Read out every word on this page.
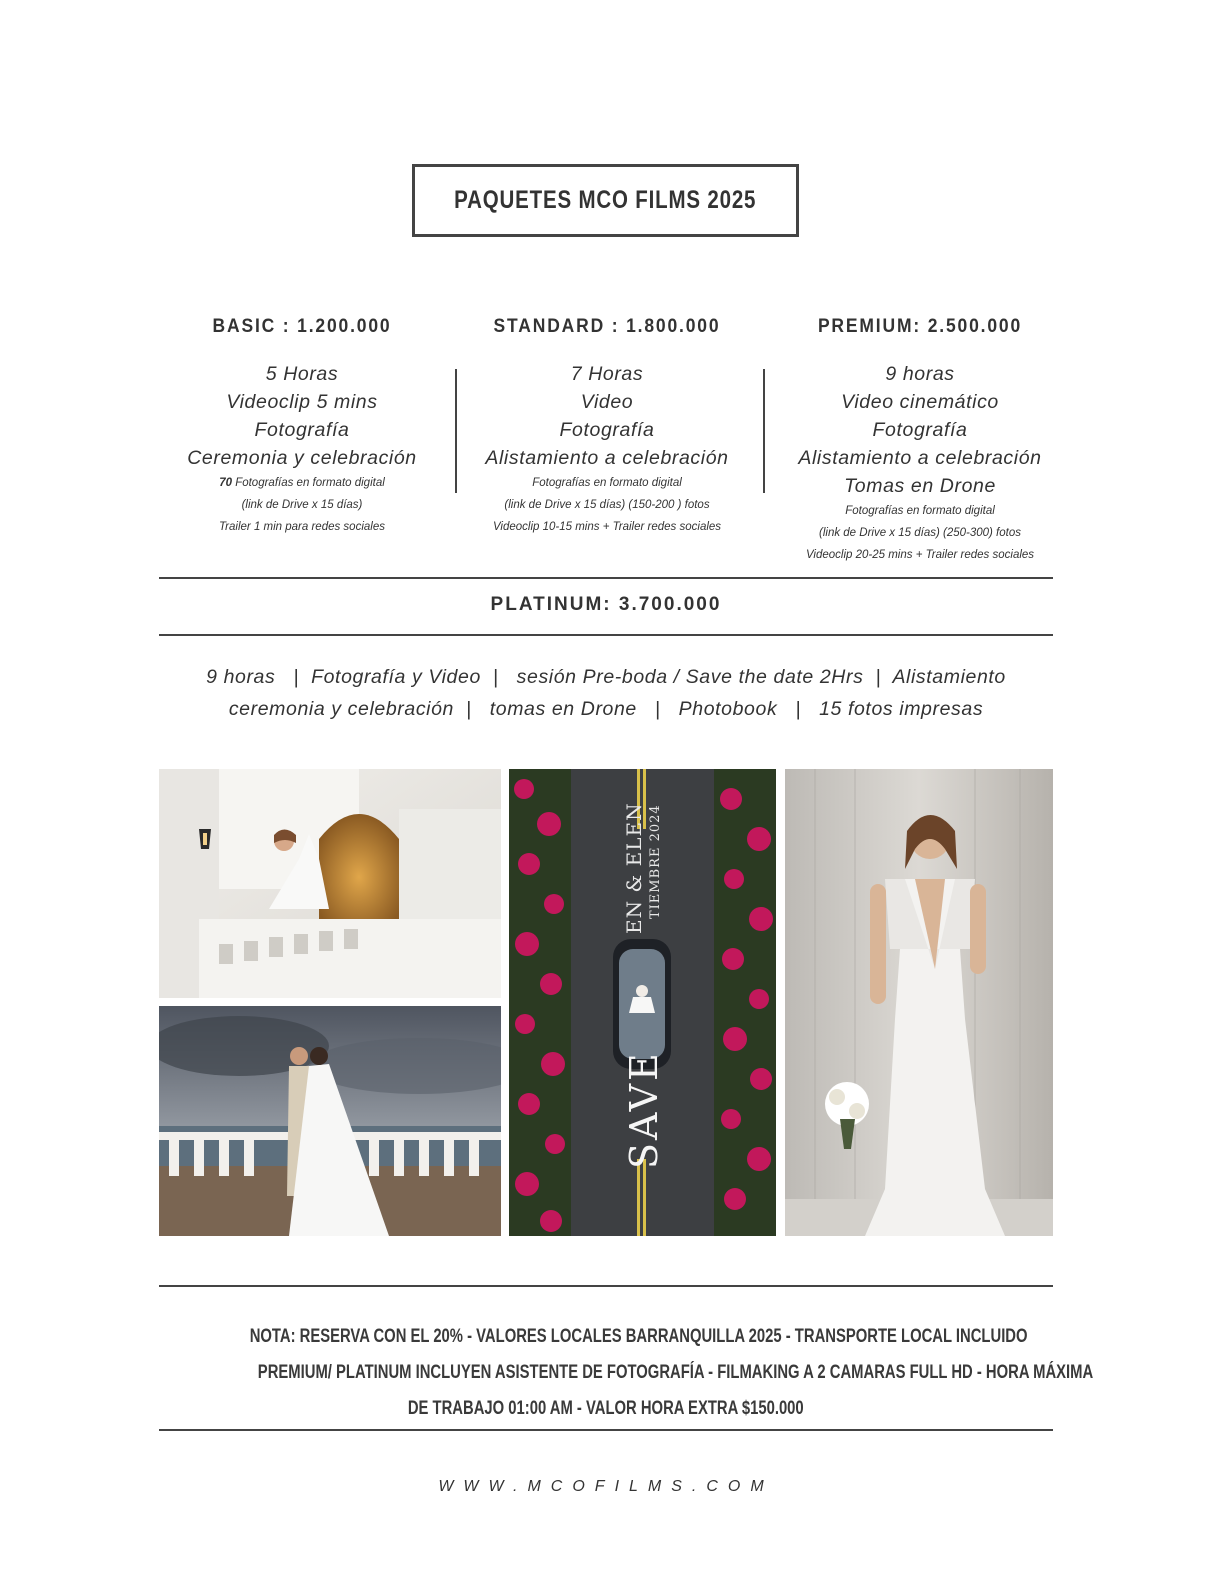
PAQUETES MCO FILMS 2025
BASIC : 1.200.000
5 Horas
Videoclip 5 mins
Fotografía
Ceremonia y celebración
70 Fotografías en formato digital
(link de Drive x 15 días)
Trailer 1 min para redes sociales
STANDARD : 1.800.000
7 Horas
Video
Fotografía
Alistamiento a celebración
Fotografías en formato digital
(link de Drive x 15 días) (150-200 ) fotos
Videoclip 10-15 mins + Trailer redes sociales
PREMIUM: 2.500.000
9 horas
Video cinemático
Fotografía
Alistamiento a celebración
Tomas en Drone
Fotografías en formato digital
(link de Drive x 15 días) (250-300) fotos
Videoclip 20-25 mins + Trailer redes sociales
PLATINUM: 3.700.000
9 horas   |  Fotografía y Video  |   sesión Pre-boda / Save the date 2Hrs  |  Alistamiento
ceremonia y celebración  |   tomas en Drone   |   Photobook   |   15 fotos impresas
SAVE
EN & ELEN TIEMBRE 2024
NOTA: RESERVA CON EL 20% - VALORES LOCALES BARRANQUILLA 2025 - TRANSPORTE LOCAL INCLUIDO
PREMIUM/ PLATINUM INCLUYEN ASISTENTE DE FOTOGRAFÍA - FILMAKING A 2 CAMARAS FULL HD - HORA MÁXIMA
DE TRABAJO 01:00 AM - VALOR HORA EXTRA $150.000
WWW.MCOFILMS.COM
